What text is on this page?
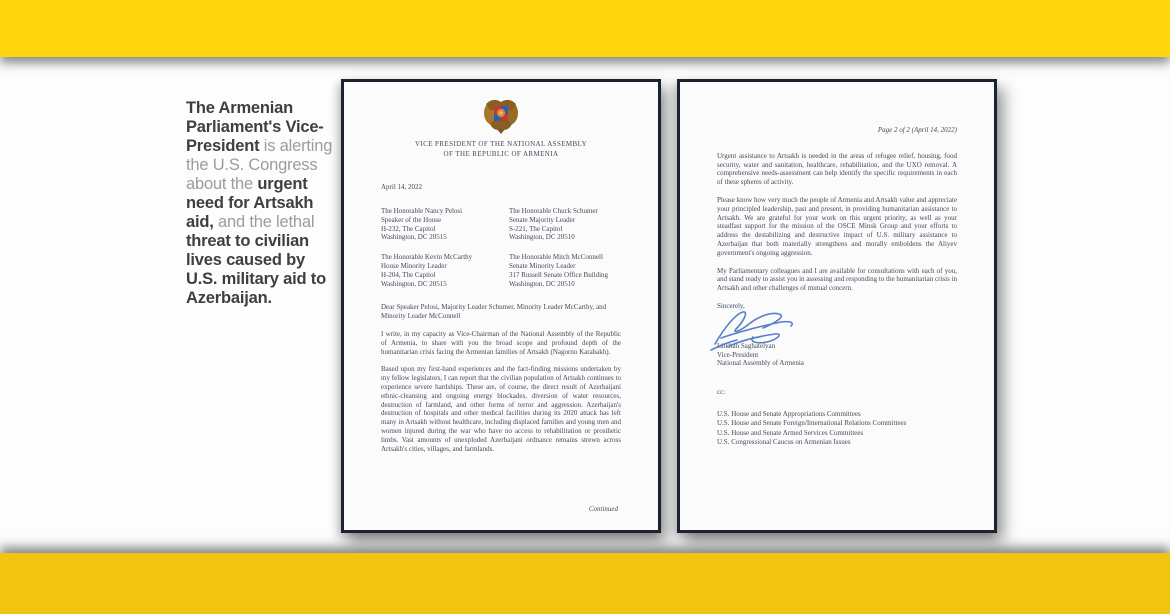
The Armenian Parliament's Vice-President is alerting the U.S. Congress about the urgent need for Artsakh aid, and the lethal threat to civilian lives caused by U.S. military aid to Azerbaijan.
VICE PRESIDENT OF THE NATIONAL ASSEMBLY
OF THE REPUBLIC OF ARMENIA
April 14, 2022
The Honorable Nancy Pelosi
Speaker of the House
H-232, The Capitol
Washington, DC 20515
The Honorable Chuck Schumer
Senate Majority Leader
S-221, The Capitol
Washington, DC 20510
The Honorable Kevin McCarthy
House Minority Leader
H-204, The Capitol
Washington, DC 20515
The Honorable Mitch McConnell
Senate Minority Leader
317 Russell Senate Office Building
Washington, DC 20510
Dear Speaker Pelosi, Majority Leader Schumer, Minority Leader McCarthy, and Minority Leader McConnell
I write, in my capacity as Vice-Chairman of the National Assembly of the Republic of Armenia, to share with you the broad scope and profound depth of the humanitarian crisis facing the Armenian families of Artsakh (Nagorno Karabakh).
Based upon my first-hand experiences and the fact-finding missions undertaken by my fellow legislators, I can report that the civilian population of Artsakh continues to experience severe hardships. These are, of course, the direct result of Azerbaijani ethnic-cleansing and ongoing energy blockades, diversion of water resources, destruction of farmland, and other forms of terror and aggression. Azerbaijan's destruction of hospitals and other medical facilities during its 2020 attack has left many in Artsakh without healthcare, including displaced families and young men and women injured during the war who have no access to rehabilitation or prosthetic limbs. Vast amounts of unexploded Azerbaijani ordnance remains strewn across Artsakh's cities, villages, and farmlands.
Continued
Page 2 of 2 (April 14, 2022)
Urgent assistance to Artsakh is needed in the areas of refugee relief, housing, food security, water and sanitation, healthcare, rehabilitation, and the UXO removal. A comprehensive needs-assessment can help identify the specific requirements in each of these spheres of activity.
Please know how very much the people of Armenia and Artsakh value and appreciate your principled leadership, past and present, in providing humanitarian assistance to Artsakh. We are grateful for your work on this urgent priority, as well as your steadfast support for the mission of the OSCE Minsk Group and your efforts to address the destabilizing and destructive impact of U.S. military assistance to Azerbaijan that both materially strengthens and morally emboldens the Aliyev government's ongoing aggression.
My Parliamentary colleagues and I are available for consultations with each of you, and stand ready to assist you in assessing and responding to the humanitarian crisis in Artsakh and other challenges of mutual concern.
Sincerely,
Ishkhan Saghatelyan
Vice-President
National Assembly of Armenia
cc:
U.S. House and Senate Appropriations Committees
U.S. House and Senate Foreign/International Relations Committees
U.S. House and Senate Armed Services Committees
U.S. Congressional Caucus on Armenian Issues
